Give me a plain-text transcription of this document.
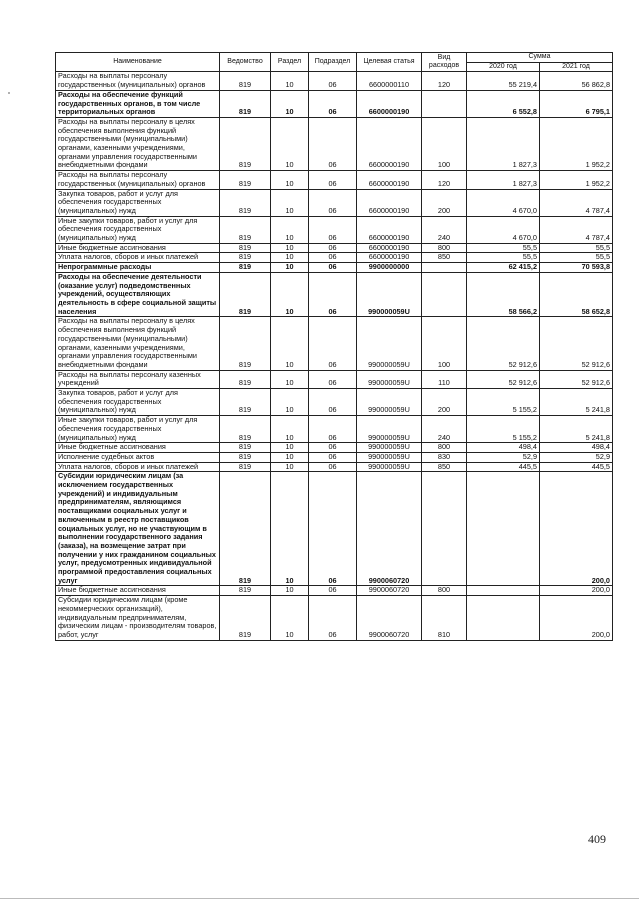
Наименование	Ведомство	Раздел	Подраздел	Целевая статья	Вид расходов	Сумма	
						2020 год	2021 год
Расходы на выплаты персоналу государственных (муниципальных) органов	819	10	06	6600000110	120	55 219,4	56 862,8
Расходы на обеспечение функций государственных органов, в том числе территориальных органов	819	10	06	6600000190		6 552,8	6 795,1
Расходы на выплаты персоналу в целях обеспечения выполнения функций государственными (муниципальными) органами, казенными учреждениями, органами управления государственными внебюджетными фондами	819	10	06	6600000190	100	1 827,3	1 952,2
Расходы на выплаты персоналу государственных (муниципальных) органов	819	10	06	6600000190	120	1 827,3	1 952,2
Закупка товаров, работ и услуг для обеспечения государственных (муниципальных) нужд	819	10	06	6600000190	200	4 670,0	4 787,4
Иные закупки товаров, работ и услуг для обеспечения государственных (муниципальных) нужд	819	10	06	6600000190	240	4 670,0	4 787,4
Иные бюджетные ассигнования	819	10	06	6600000190	800	55,5	55,5
Уплата налогов, сборов и иных платежей	819	10	06	6600000190	850	55,5	55,5
Непрограммные расходы	819	10	06	9900000000		62 415,2	70 593,8
Расходы на обеспечение деятельности (оказание услуг) подведомственных учреждений, осуществляющих деятельность в сфере социальной защиты населения	819	10	06	990000059U		58 566,2	58 652,8
Расходы на выплаты персоналу в целях обеспечения выполнения функций государственными (муниципальными) органами, казенными учреждениями, органами управления государственными внебюджетными фондами	819	10	06	990000059U	100	52 912,6	52 912,6
Расходы на выплаты персоналу казенных учреждений	819	10	06	990000059U	110	52 912,6	52 912,6
Закупка товаров, работ и услуг для обеспечения государственных (муниципальных) нужд	819	10	06	990000059U	200	5 155,2	5 241,8
Иные закупки товаров, работ и услуг для обеспечения государственных (муниципальных) нужд	819	10	06	990000059U	240	5 155,2	5 241,8
Иные бюджетные ассигнования	819	10	06	990000059U	800	498,4	498,4
Исполнение судебных актов	819	10	06	990000059U	830	52,9	52,9
Уплата налогов, сборов и иных платежей	819	10	06	990000059U	850	445,5	445,5
Субсидии юридическим лицам (за исключением государственных учреждений) и индивидуальным предпринимателям, являющимся поставщиками социальных услуг и включенным в реестр поставщиков социальных услуг, но не участвующим в выполнении государственного задания (заказа), на возмещение затрат при получении у них гражданином социальных услуг, предусмотренных индивидуальной программой предоставления социальных услуг	819	10	06	9900060720			200,0
Иные бюджетные ассигнования	819	10	06	9900060720	800		200,0
Субсидии юридическим лицам (кроме некоммерческих организаций), индивидуальным предпринимателям, физическим лицам - производителям товаров, работ, услуг	819	10	06	9900060720	810		200,0
409
